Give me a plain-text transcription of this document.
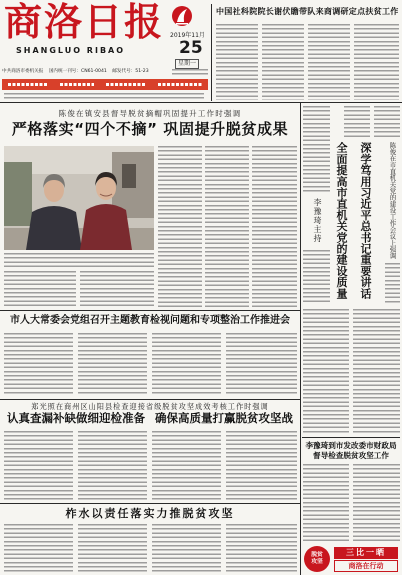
商洛日报
SHANGLUO RIBAO
2019年11月
25
星期一
中共商洛市委机关报 国内统一刊号：CN61-0041 邮发代号：51-23
中国社科院院长谢伏瞻带队来商调研定点扶贫工作
陈俊在镇安县督导脱贫摘帽巩固提升工作时强调
严格落实“四个不摘” 巩固提升脱贫成果
陈俊在市直机关党的建设工作会议上强调
深学笃用习近平总书记重要讲话
全面提高市直机关党的建设质量
李豫琦主持
市人大常委会党组召开主题教育检视问题和专项整治工作推进会
郑光照在商州区山阳县检查迎接省级脱贫攻坚成效考核工作时强调
认真查漏补缺做细迎检准备 确保高质量打赢脱贫攻坚战
柞水以责任落实力推脱贫攻坚
李豫琦到市发改委市财政局
督导检查脱贫攻坚工作
脱贫攻坚
三比一晒
商洛在行动
